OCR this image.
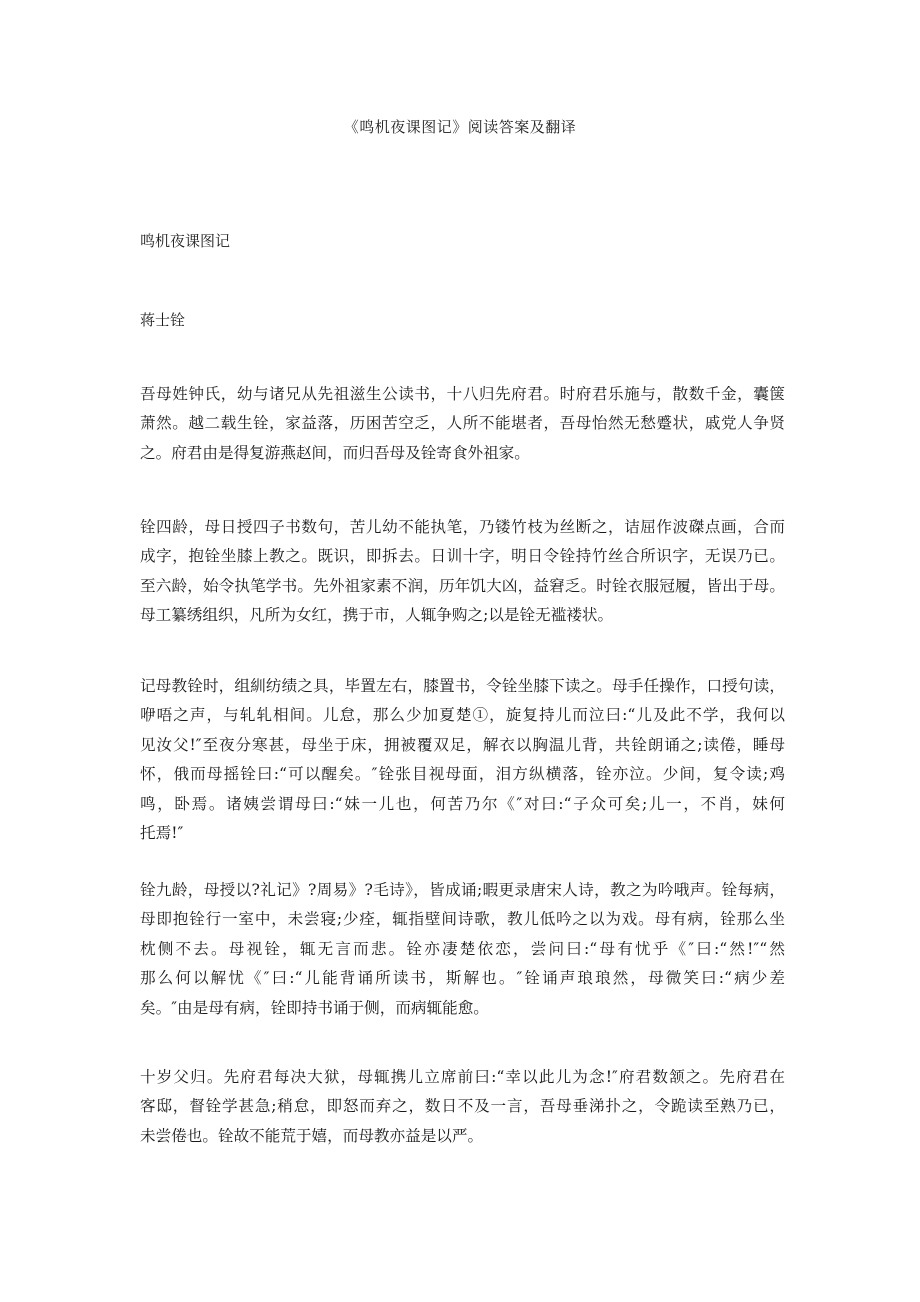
《鸣机夜课图记》阅读答案及翻译
鸣机夜课图记
蒋士铨
吾母姓钟氏，幼与诸兄从先祖滋生公读书，十八归先府君。时府君乐施与，散数千金，囊箧
萧然。越二载生铨，家益落，历困苦空乏，人所不能堪者，吾母怡然无愁蹙状，戚党人争贤
之。府君由是得复游燕赵间，而归吾母及铨寄食外祖家。
铨四龄，母日授四子书数句，苦儿幼不能执笔，乃镂竹枝为丝断之，诘屈作波磔点画，合而
成字，抱铨坐膝上教之。既识，即拆去。日训十字，明日令铨持竹丝合所识字，无误乃已。
至六龄，始令执笔学书。先外祖家素不润，历年饥大凶，益窘乏。时铨衣服冠履，皆出于母。
母工纂绣组织，凡所为女红，携于市，人辄争购之;以是铨无褴褛状。
记母教铨时，组紃纺绩之具，毕置左右，膝置书，令铨坐膝下读之。母手任操作，口授句读，
咿唔之声，与轧轧相间。儿怠，那么少加夏楚①，旋复持儿而泣曰:“儿及此不学，我何以
见汝父!″至夜分寒甚，母坐于床，拥被覆双足，解衣以胸温儿背，共铨朗诵之;读倦，睡母
怀，俄而母摇铨曰:“可以醒矣。″铨张目视母面，泪方纵横落，铨亦泣。少间，复令读;鸡
鸣，卧焉。诸姨尝谓母曰:“妹一儿也，何苦乃尔《″对曰:“子众可矣;儿一，不肖，妹何
托焉!″
铨九龄，母授以?礼记》?周易》?毛诗》，皆成诵;暇更录唐宋人诗，教之为吟哦声。铨每病，
母即抱铨行一室中，未尝寝;少痊，辄指壁间诗歌，教儿低吟之以为戏。母有病，铨那么坐
枕侧不去。母视铨，辄无言而悲。铨亦凄楚依恋，尝问曰:“母有忧乎《″曰:“然!″“然
那么何以解忧《″曰:“儿能背诵所读书，斯解也。″铨诵声琅琅然，母微笑曰:“病少差
矣。″由是母有病，铨即持书诵于侧，而病辄能愈。
十岁父归。先府君每决大狱，母辄携儿立席前曰:“幸以此儿为念!″府君数颔之。先府君在
客邸，督铨学甚急;稍怠，即怒而弃之，数日不及一言，吾母垂涕扑之，令跪读至熟乃已，
未尝倦也。铨故不能荒于嬉，而母教亦益是以严。
